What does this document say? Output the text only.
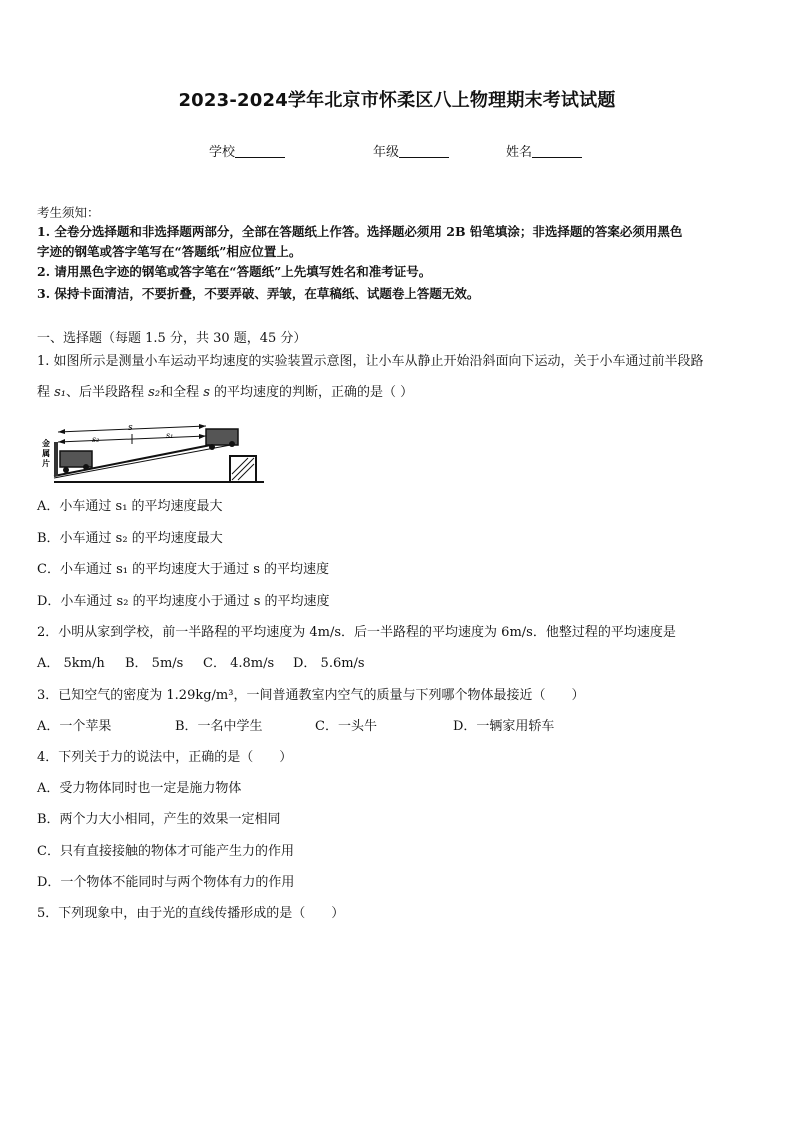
2023-2024学年北京市怀柔区八上物理期末考试试题
学校	年级	姓名
考生须知：
1. 全卷分选择题和非选择题两部分，全部在答题纸上作答。选择题必须用 2B 铅笔填涂；非选择题的答案必须用黑色
字迹的钢笔或答字笔写在“答题纸”相应位置上。
2. 请用黑色字迹的钢笔或答字笔在“答题纸”上先填写姓名和准考证号。
3. 保持卡面清洁，不要折叠，不要弄破、弄皱，在草稿纸、试题卷上答题无效。
一、选择题（每题 1.5 分，共 30 题，45 分）
1. 如图所示是测量小车运动平均速度的实验装置示意图，让小车从静止开始沿斜面向下运动，关于小车通过前半段路
程 s₁、后半段路程 s₂和全程 s 的平均速度的判断，正确的是（ ）
s
s₂	s₁
金属片
A．小车通过 s₁ 的平均速度最大
B．小车通过 s₂ 的平均速度最大
C．小车通过 s₁ 的平均速度大于通过 s 的平均速度
D．小车通过 s₂ 的平均速度小于通过 s 的平均速度
2．小明从家到学校，前一半路程的平均速度为 4m/s．后一半路程的平均速度为 6m/s．他整过程的平均速度是
A． 5km/h B． 5m/s C． 4.8m/s D． 5.6m/s
3．已知空气的密度为 1.29kg/m³，一间普通教室内空气的质量与下列哪个物体最接近（　　）
A．一个苹果	B．一名中学生	C．一头牛	D．一辆家用轿车
4．下列关于力的说法中，正确的是（　　）
A．受力物体同时也一定是施力物体
B．两个力大小相同，产生的效果一定相同
C．只有直接接触的物体才可能产生力的作用
D．一个物体不能同时与两个物体有力的作用
5．下列现象中，由于光的直线传播形成的是（　　）
